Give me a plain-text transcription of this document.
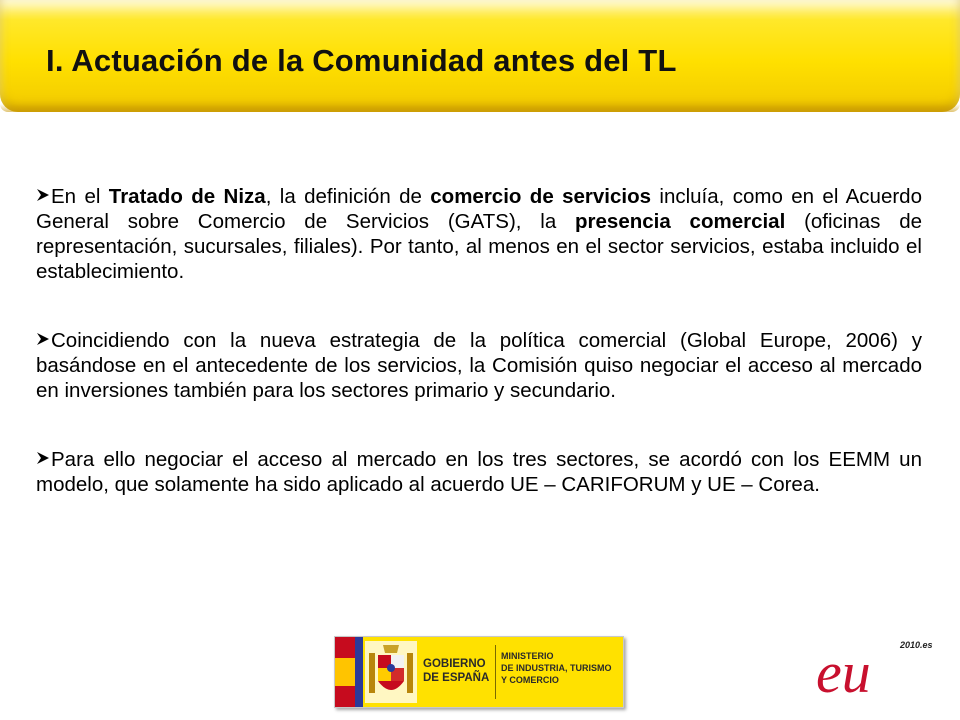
I. Actuación de la Comunidad antes del TL

En el Tratado de Niza, la definición de comercio de servicios incluía, como en el Acuerdo General sobre Comercio de Servicios (GATS), la presencia comercial (oficinas de representación, sucursales, filiales). Por tanto, al menos en el sector servicios, estaba incluido el establecimiento.

Coincidiendo con la nueva estrategia de la política comercial (Global Europe, 2006) y basándose en el antecedente de los servicios, la Comisión quiso negociar el acceso al mercado en inversiones también para los sectores primario y secundario.

Para ello negociar el acceso al mercado en los tres sectores, se acordó con los EEMM un modelo, que solamente ha sido aplicado al acuerdo UE – CARIFORUM y UE – Corea.

GOBIERNO
DE ESPAÑA
MINISTERIO
DE INDUSTRIA, TURISMO
Y COMERCIO	eu	2010.es
